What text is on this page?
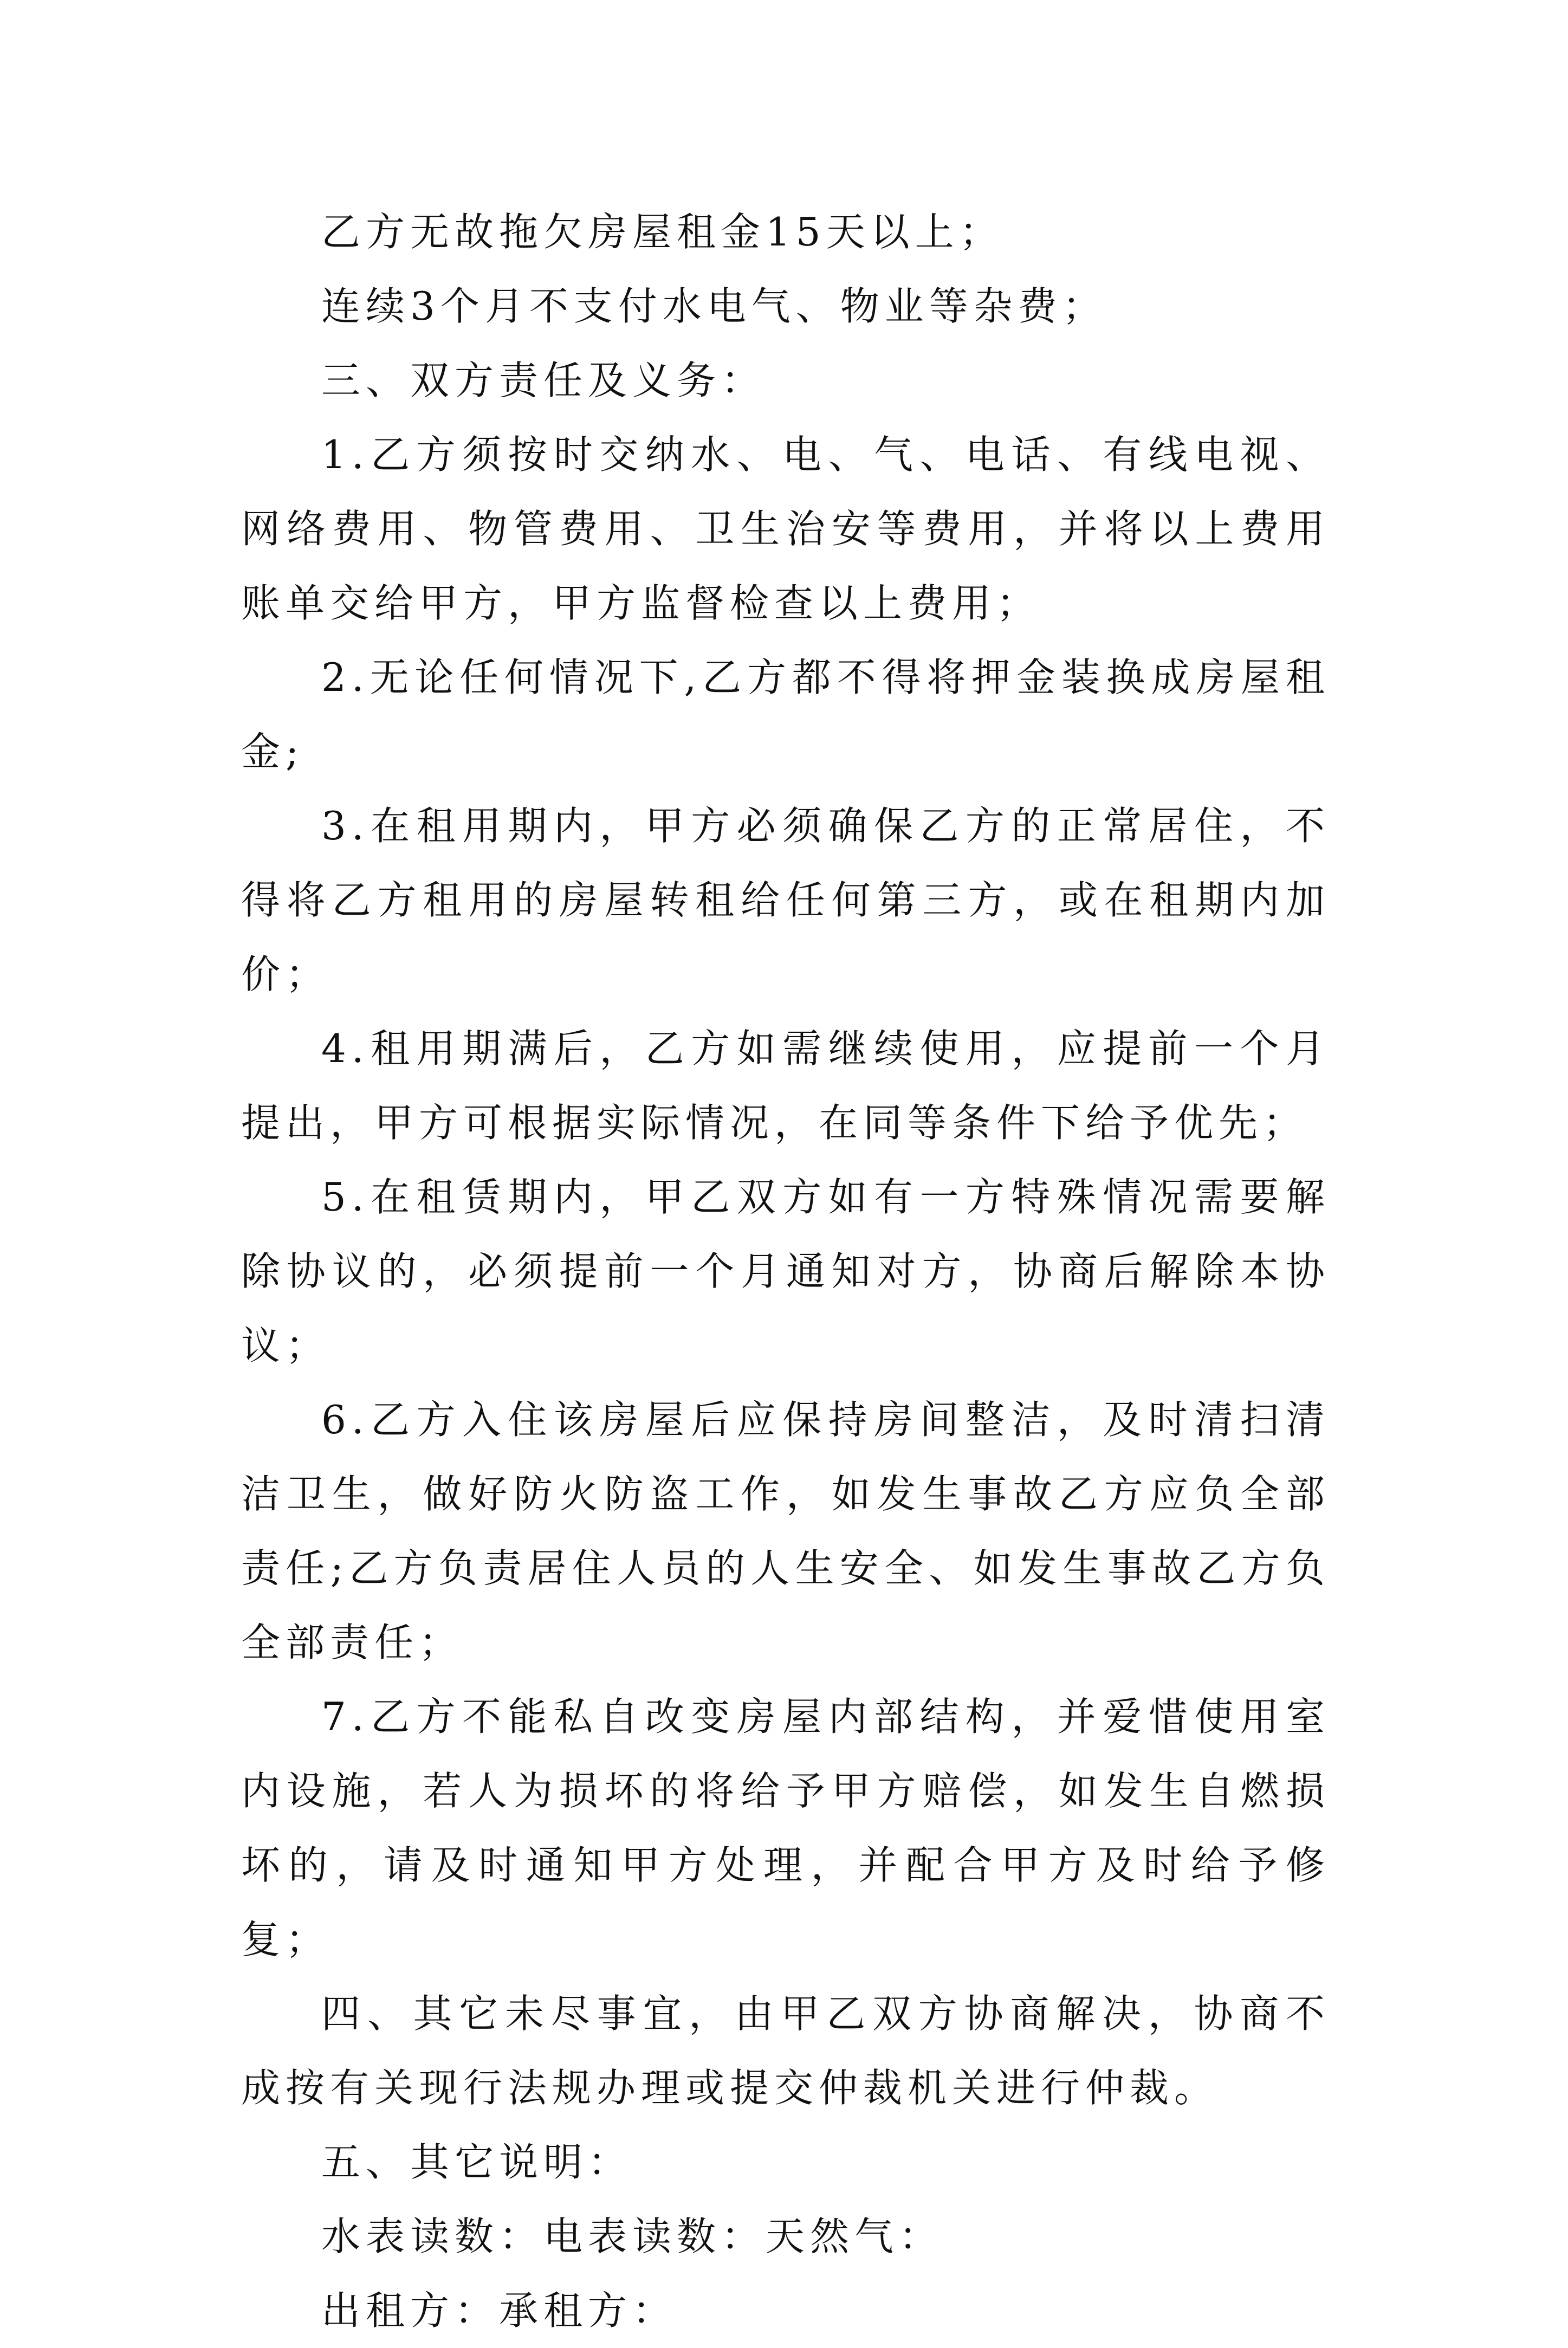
乙方无故拖欠房屋租金15天以上；

连续3个月不支付水电气、物业等杂费；

三、双方责任及义务：

1.乙方须按时交纳水、电、气、电话、有线电视、网络费用、物管费用、卫生治安等费用，并将以上费用账单交给甲方，甲方监督检查以上费用；

2.无论任何情况下,乙方都不得将押金装换成房屋租金;

3.在租用期内，甲方必须确保乙方的正常居住，不得将乙方租用的房屋转租给任何第三方，或在租期内加价；

4.租用期满后，乙方如需继续使用，应提前一个月提出，甲方可根据实际情况，在同等条件下给予优先；

5.在租赁期内，甲乙双方如有一方特殊情况需要解除协议的，必须提前一个月通知对方，协商后解除本协议；

6.乙方入住该房屋后应保持房间整洁，及时清扫清洁卫生，做好防火防盗工作，如发生事故乙方应负全部责任;乙方负责居住人员的人生安全、如发生事故乙方负全部责任；

7.乙方不能私自改变房屋内部结构，并爱惜使用室内设施，若人为损坏的将给予甲方赔偿，如发生自燃损坏的，请及时通知甲方处理，并配合甲方及时给予修复；

四、其它未尽事宜，由甲乙双方协商解决，协商不成按有关现行法规办理或提交仲裁机关进行仲裁。

五、其它说明：

水表读数：电表读数：天然气：

出租方：承租方：
